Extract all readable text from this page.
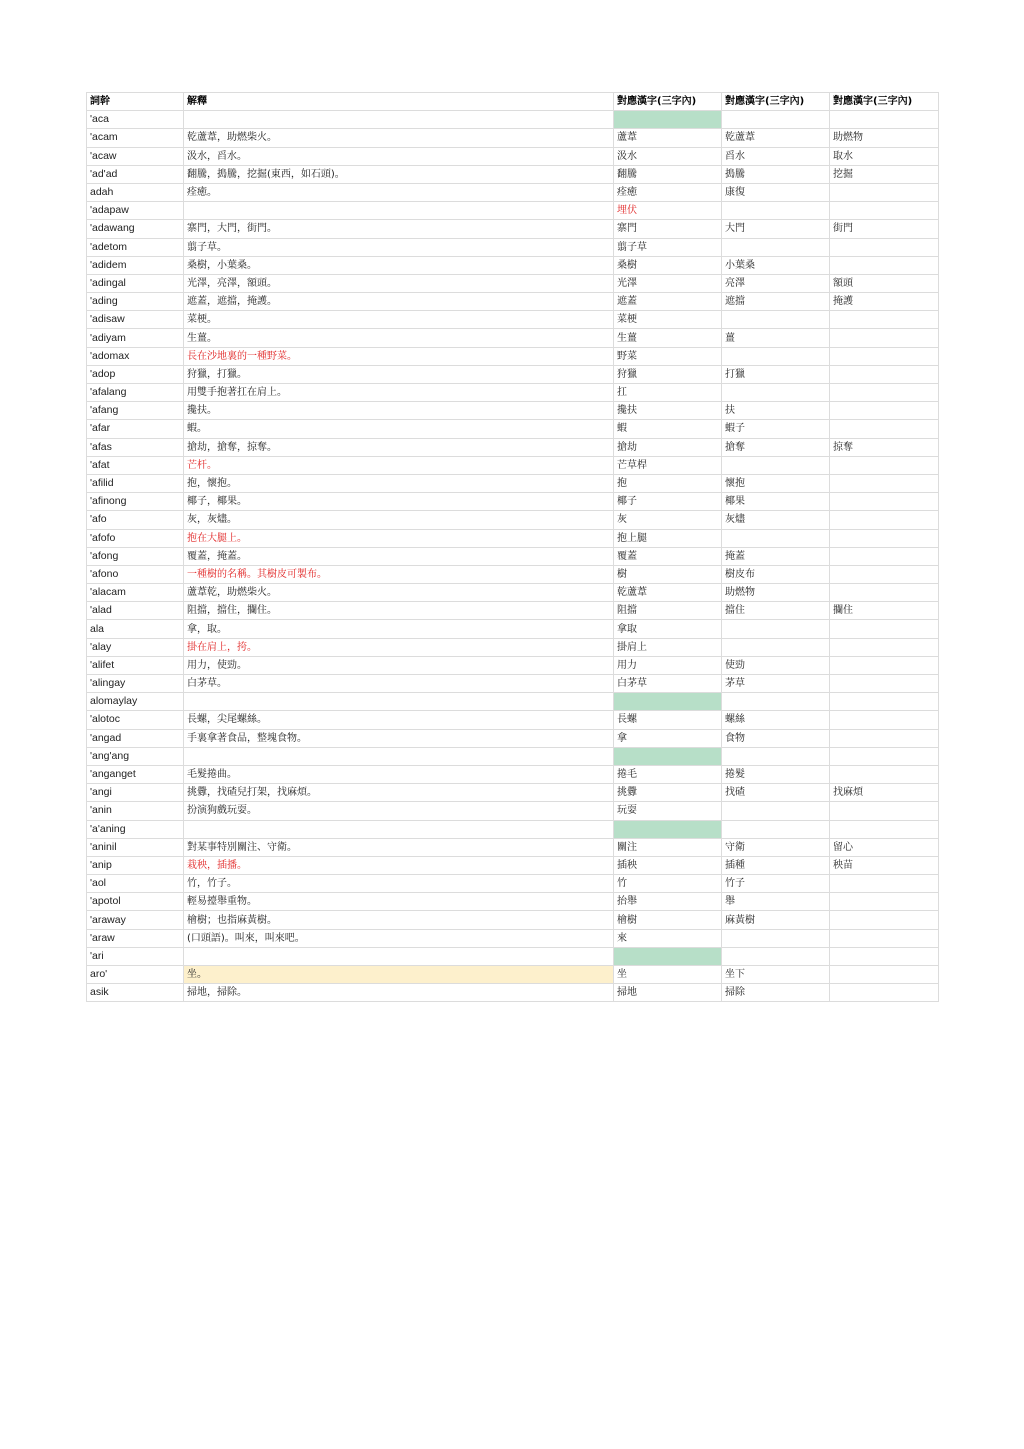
詞幹	解釋	對應漢字(三字內)	對應漢字(三字內)	對應漢字(三字內)
'aca				
'acam	乾蘆葦，助燃柴火。	蘆葦	乾蘆葦	助燃物
'acaw	汲水，舀水。	汲水	舀水	取水
'ad'ad	翻騰，搗騰，挖掘(東西，如石頭)。	翻騰	搗騰	挖掘
adah	痊癒。	痊癒	康復	
'adapaw		埋伏		
'adawang	寨門，大門，街門。	寨門	大門	街門
'adetom	翦子草。	翦子草		
'adidem	桑樹，小葉桑。	桑樹	小葉桑	
'adingal	光澤，亮澤，額頭。	光澤	亮澤	額頭
'ading	遮蓋，遮擋，掩護。	遮蓋	遮擋	掩護
'adisaw	菜梗。	菜梗		
'adiyam	生薑。	生薑	薑	
'adomax	長在沙地裏的一種野菜。	野菜		
'adop	狩獵，打獵。	狩獵	打獵	
'afalang	用雙手抱著扛在肩上。	扛		
'afang	攙扶。	攙扶	扶	
'afar	蝦。	蝦	蝦子	
'afas	搶劫，搶奪，掠奪。	搶劫	搶奪	掠奪
'afat	芒杆。	芒草桿		
'afilid	抱，懷抱。	抱	懷抱	
'afinong	椰子，椰果。	椰子	椰果	
'afo	灰，灰燼。	灰	灰燼	
'afofo	抱在大腿上。	抱上腿		
'afong	覆蓋，掩蓋。	覆蓋	掩蓋	
'afono	一種樹的名稱。其樹皮可製布。	樹	樹皮布	
'alacam	蘆葦乾，助燃柴火。	乾蘆葦	助燃物	
'alad	阻擋，擋住，攔住。	阻擋	擋住	攔住
ala	拿，取。	拿取		
'alay	掛在肩上，挎。	掛肩上		
'alifet	用力，使勁。	用力	使勁	
'alingay	白茅草。	白茅草	茅草	
alomaylay				
'alotoc	長螺，尖尾螺絲。	長螺	螺絲	
'angad	手裏拿著食品，整塊食物。	拿	食物	
'ang'ang				
'anganget	毛髮捲曲。	捲毛	捲髮	
'angi	挑釁，找碴兒打架，找麻煩。	挑釁	找碴	找麻煩
'anin	扮演狗戲玩耍。	玩耍		
'a'aning				
'aninil	對某事特別關注、守衛。	關注	守衛	留心
'anip	栽秧，插播。	插秧	插種	秧苗
'aol	竹，竹子。	竹	竹子	
'apotol	輕易擡舉重物。	抬舉	舉	
'araway	檜樹；也指麻黃樹。	檜樹	麻黃樹	
'araw	(口頭語)。叫來，叫來吧。	來		
'ari				
aro'	坐。	坐	坐下	
asik	掃地，掃除。	掃地	掃除	
